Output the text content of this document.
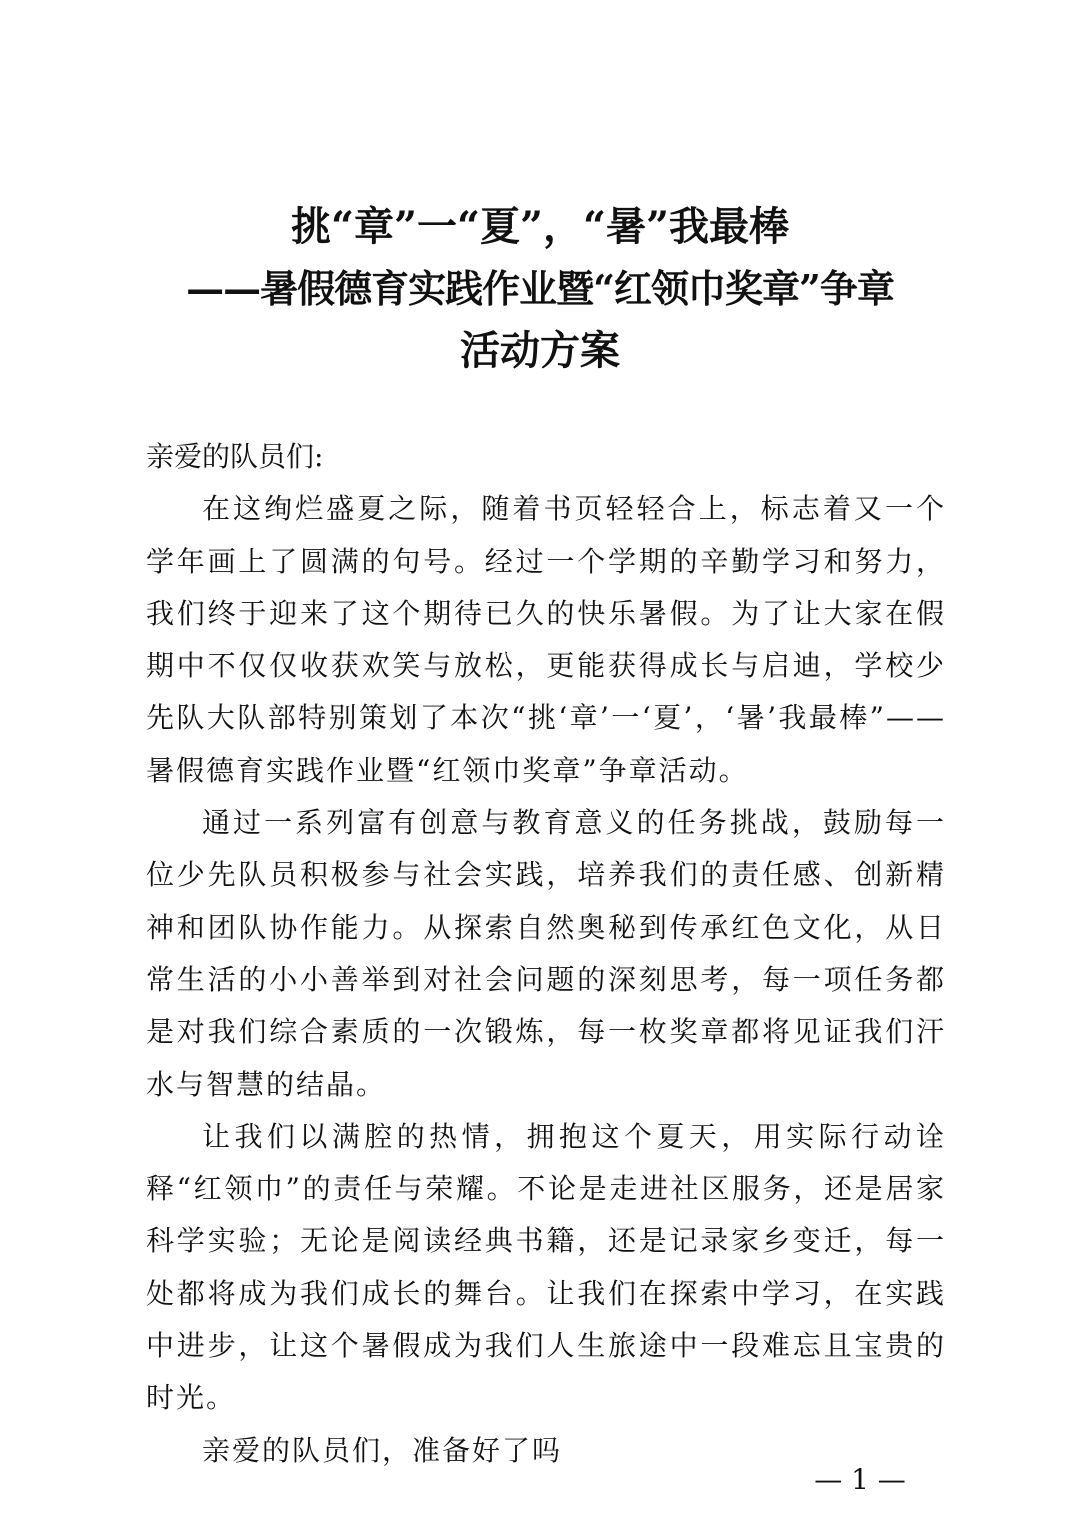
挑“章”一“夏”，“暑”我最棒
——暑假德育实践作业暨“红领巾奖章”争章
活动方案

亲爱的队员们:

在这绚烂盛夏之际，随着书页轻轻合上，标志着又一个学年画上了圆满的句号。经过一个学期的辛勤学习和努力，我们终于迎来了这个期待已久的快乐暑假。为了让大家在假期中不仅仅收获欢笑与放松，更能获得成长与启迪，学校少先队大队部特别策划了本次“挑‘章’一‘夏’，‘暑’我最棒”——暑假德育实践作业暨“红领巾奖章”争章活动。

通过一系列富有创意与教育意义的任务挑战，鼓励每一位少先队员积极参与社会实践，培养我们的责任感、创新精神和团队协作能力。从探索自然奥秘到传承红色文化，从日常生活的小小善举到对社会问题的深刻思考，每一项任务都是对我们综合素质的一次锻炼，每一枚奖章都将见证我们汗水与智慧的结晶。

让我们以满腔的热情，拥抱这个夏天，用实际行动诠释“红领巾”的责任与荣耀。不论是走进社区服务，还是居家科学实验；无论是阅读经典书籍，还是记录家乡变迁，每一处都将成为我们成长的舞台。让我们在探索中学习，在实践中进步，让这个暑假成为我们人生旅途中一段难忘且宝贵的时光。

亲爱的队员们，准备好了吗

— 1 —
